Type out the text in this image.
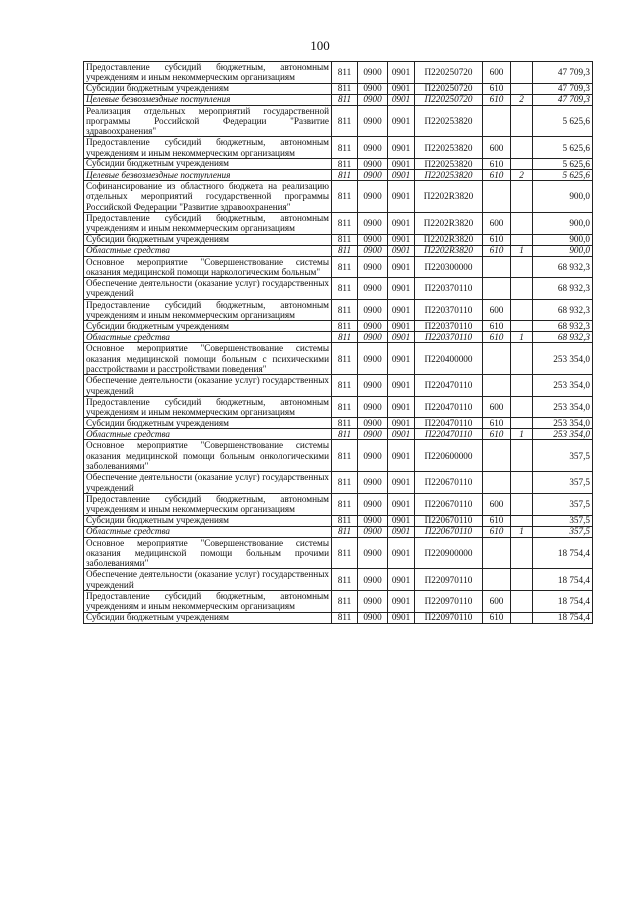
100
Предоставление субсидий бюджетным, автономным учреждениям и иным некоммерческим организациям	811	0900	0901	П220250720	600		47 709,3
Субсидии бюджетным учреждениям	811	0900	0901	П220250720	610		47 709,3
Целевые безвозмездные поступления	811	0900	0901	П220250720	610	2	47 709,3
Реализация отдельных мероприятий государственной программы Российской Федерации "Развитие здравоохранения"	811	0900	0901	П220253820			5 625,6
Предоставление субсидий бюджетным, автономным учреждениям и иным некоммерческим организациям	811	0900	0901	П220253820	600		5 625,6
Субсидии бюджетным учреждениям	811	0900	0901	П220253820	610		5 625,6
Целевые безвозмездные поступления	811	0900	0901	П220253820	610	2	5 625,6
Софинансирование из областного бюджета на реализацию отдельных мероприятий государственной программы Российской Федерации "Развитие здравоохранения"	811	0900	0901	П2202R3820			900,0
Предоставление субсидий бюджетным, автономным учреждениям и иным некоммерческим организациям	811	0900	0901	П2202R3820	600		900,0
Субсидии бюджетным учреждениям	811	0900	0901	П2202R3820	610		900,0
Областные средства	811	0900	0901	П2202R3820	610	1	900,0
Основное мероприятие "Совершенствование системы оказания медицинской помощи наркологическим больным"	811	0900	0901	П220300000			68 932,3
Обеспечение деятельности (оказание услуг) государственных учреждений	811	0900	0901	П220370110			68 932,3
Предоставление субсидий бюджетным, автономным учреждениям и иным некоммерческим организациям	811	0900	0901	П220370110	600		68 932,3
Субсидии бюджетным учреждениям	811	0900	0901	П220370110	610		68 932,3
Областные средства	811	0900	0901	П220370110	610	1	68 932,3
Основное мероприятие "Совершенствование системы оказания медицинской помощи больным с психическими расстройствами и расстройствами поведения"	811	0900	0901	П220400000			253 354,0
Обеспечение деятельности (оказание услуг) государственных учреждений	811	0900	0901	П220470110			253 354,0
Предоставление субсидий бюджетным, автономным учреждениям и иным некоммерческим организациям	811	0900	0901	П220470110	600		253 354,0
Субсидии бюджетным учреждениям	811	0900	0901	П220470110	610		253 354,0
Областные средства	811	0900	0901	П220470110	610	1	253 354,0
Основное мероприятие "Совершенствование системы оказания медицинской помощи больным онкологическими заболеваниями"	811	0900	0901	П220600000			357,5
Обеспечение деятельности (оказание услуг) государственных учреждений	811	0900	0901	П220670110			357,5
Предоставление субсидий бюджетным, автономным учреждениям и иным некоммерческим организациям	811	0900	0901	П220670110	600		357,5
Субсидии бюджетным учреждениям	811	0900	0901	П220670110	610		357,5
Областные средства	811	0900	0901	П220670110	610	1	357,5
Основное мероприятие "Совершенствование системы оказания медицинской помощи больным прочими заболеваниями"	811	0900	0901	П220900000			18 754,4
Обеспечение деятельности (оказание услуг) государственных учреждений	811	0900	0901	П220970110			18 754,4
Предоставление субсидий бюджетным, автономным учреждениям и иным некоммерческим организациям	811	0900	0901	П220970110	600		18 754,4
Субсидии бюджетным учреждениям	811	0900	0901	П220970110	610		18 754,4
